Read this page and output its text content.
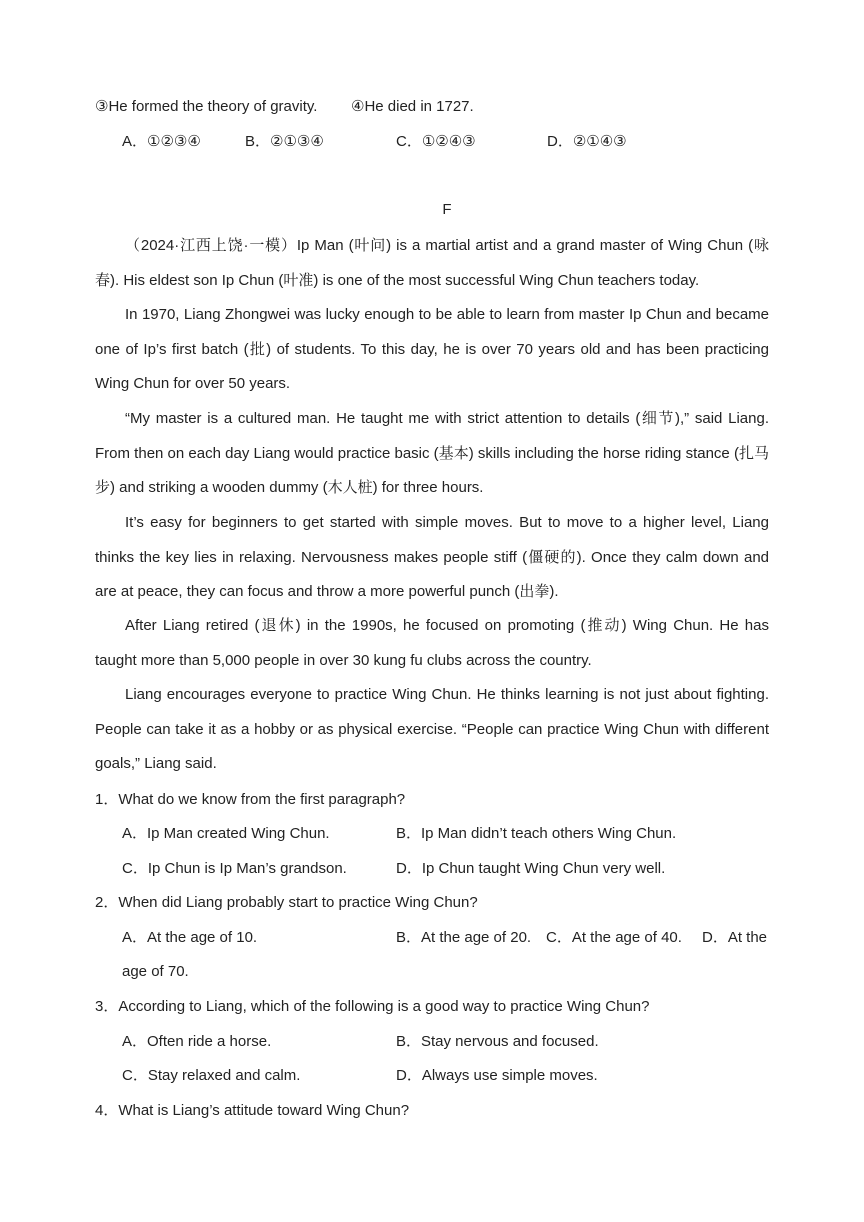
③He formed the theory of gravity. ④He died in 1727.
A．①②③④	B．②①③④	C．①②④③	D．②①④③
F
（2024·江西上饶·一模）Ip Man (叶问) is a martial artist and a grand master of Wing Chun (咏春). His eldest son Ip Chun (叶准) is one of the most successful Wing Chun teachers today.
In 1970, Liang Zhongwei was lucky enough to be able to learn from master Ip Chun and became one of Ip’s first batch (批) of students. To this day, he is over 70 years old and has been practicing Wing Chun for over 50 years.
“My master is a cultured man. He taught me with strict attention to details (细节),” said Liang. From then on each day Liang would practice basic (基本) skills including the horse riding stance (扎马步) and striking a wooden dummy (木人桩) for three hours.
It’s easy for beginners to get started with simple moves. But to move to a higher level, Liang thinks the key lies in relaxing. Nervousness makes people stiff (僵硬的). Once they calm down and are at peace, they can focus and throw a more powerful punch (出拳).
After Liang retired (退休) in the 1990s, he focused on promoting (推动) Wing Chun. He has taught more than 5,000 people in over 30 kung fu clubs across the country.
Liang encourages everyone to practice Wing Chun. He thinks learning is not just about fighting. People can take it as a hobby or as physical exercise. “People can practice Wing Chun with different goals,” Liang said.
1．What do we know from the first paragraph?
A．Ip Man created Wing Chun.	B．Ip Man didn’t teach others Wing Chun.
C．Ip Chun is Ip Man’s grandson.	D．Ip Chun taught Wing Chun very well.
2．When did Liang probably start to practice Wing Chun?
A．At the age of 10.	B．At the age of 20. C．At the age of 40. D．At the
age of 70.
3．According to Liang, which of the following is a good way to practice Wing Chun?
A．Often ride a horse.	B．Stay nervous and focused.
C．Stay relaxed and calm.	D．Always use simple moves.
4．What is Liang’s attitude toward Wing Chun?
